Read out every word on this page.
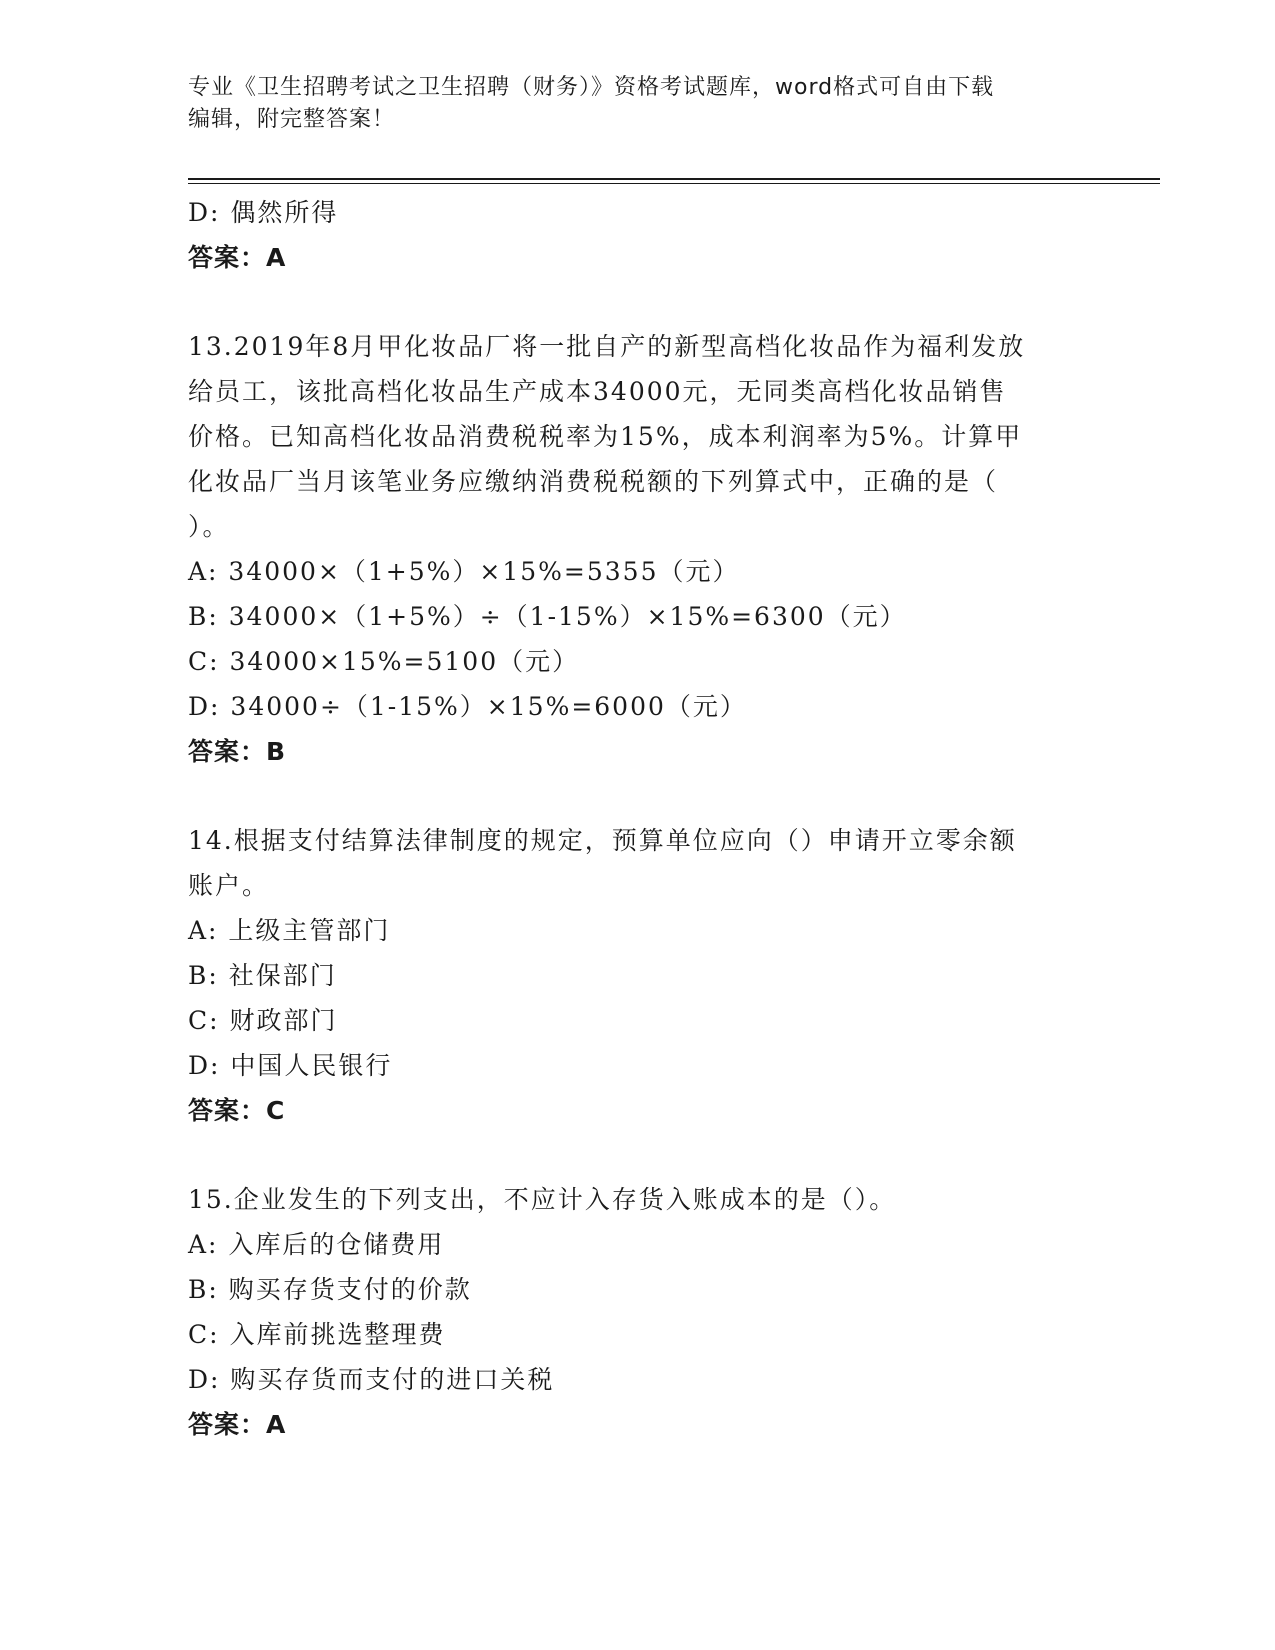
专业《卫生招聘考试之卫生招聘（财务）》资格考试题库，word格式可自由下载
编辑，附完整答案！
D: 偶然所得
答案：A
13.2019年8月甲化妆品厂将一批自产的新型高档化妆品作为福利发放
给员工，该批高档化妆品生产成本34000元，无同类高档化妆品销售
价格。已知高档化妆品消费税税率为15%，成本利润率为5%。计算甲
化妆品厂当月该笔业务应缴纳消费税税额的下列算式中，正确的是（
）。
A: 34000×（1+5%）×15%=5355（元）
B: 34000×（1+5%）÷（1-15%）×15%=6300（元）
C: 34000×15%=5100（元）
D: 34000÷（1-15%）×15%=6000（元）
答案：B
14.根据支付结算法律制度的规定，预算单位应向（）申请开立零余额
账户。
A: 上级主管部门
B: 社保部门
C: 财政部门
D: 中国人民银行
答案：C
15.企业发生的下列支出，不应计入存货入账成本的是（）。
A: 入库后的仓储费用
B: 购买存货支付的价款
C: 入库前挑选整理费
D: 购买存货而支付的进口关税
答案：A
